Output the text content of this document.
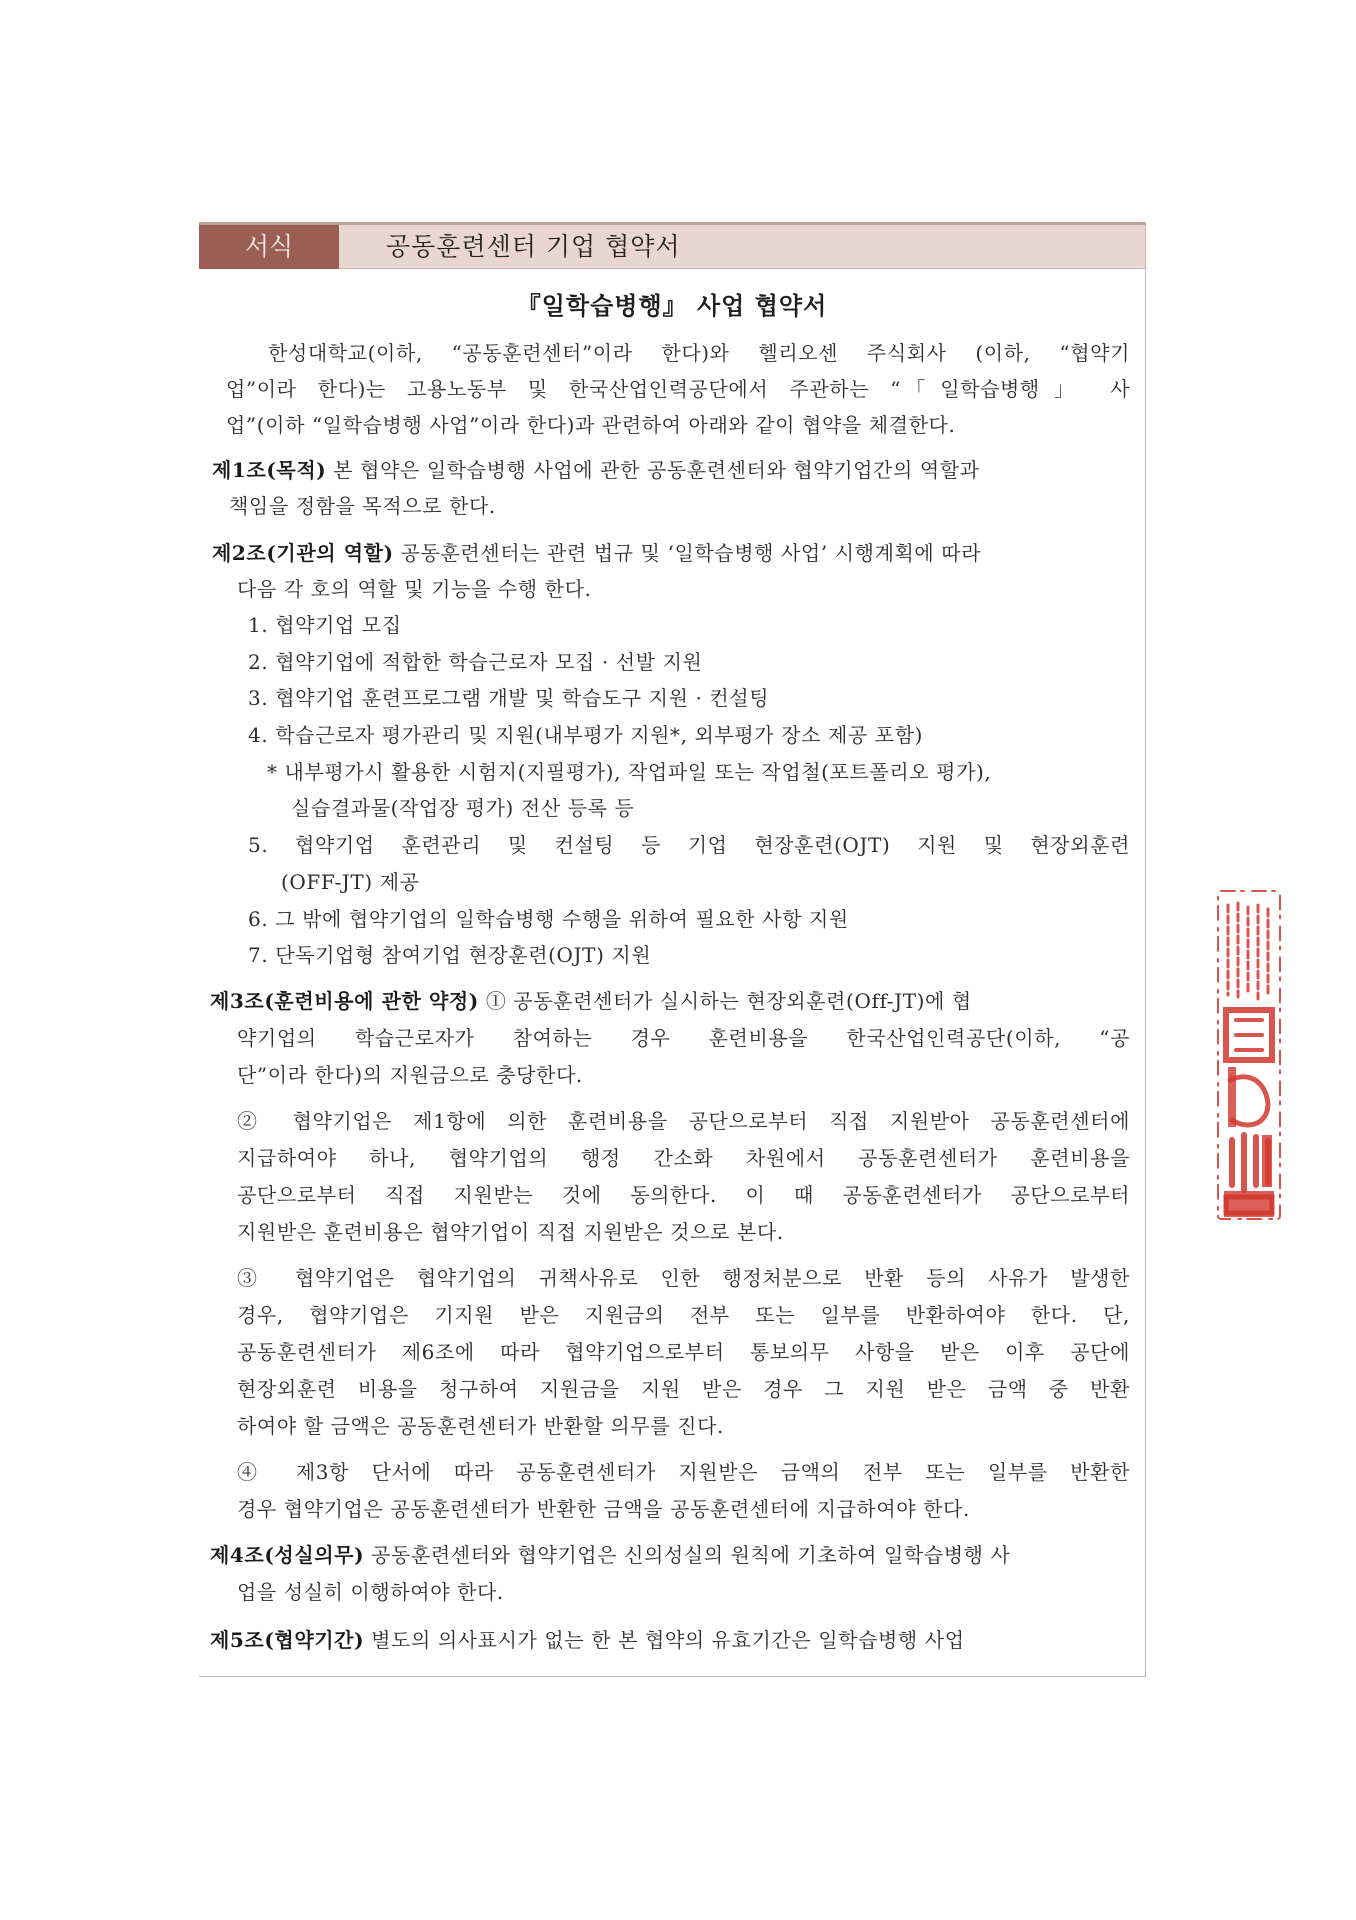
서식	공동훈련센터 기업 협약서
『일학습병행』 사업 협약서
한성대학교(이하, “공동훈련센터”이라 한다)와 헬리오센 주식회사 (이하, “협약기
업”이라 한다)는 고용노동부 및 한국산업인력공단에서 주관하는 “「일학습병행」 사
업”(이하 “일학습병행 사업”이라 한다)과 관련하여 아래와 같이 협약을 체결한다.
제1조(목적) 본 협약은 일학습병행 사업에 관한 공동훈련센터와 협약기업간의 역할과
책임을 정함을 목적으로 한다.
제2조(기관의 역할) 공동훈련센터는 관련 법규 및 ‘일학습병행 사업’ 시행계획에 따라
다음 각 호의 역할 및 기능을 수행 한다.
1. 협약기업 모집
2. 협약기업에 적합한 학습근로자 모집 · 선발 지원
3. 협약기업 훈련프로그램 개발 및 학습도구 지원 · 컨설팅
4. 학습근로자 평가관리 및 지원(내부평가 지원*, 외부평가 장소 제공 포함)
* 내부평가시 활용한 시험지(지필평가), 작업파일 또는 작업철(포트폴리오 평가),
실습결과물(작업장 평가) 전산 등록 등
5. 협약기업 훈련관리 및 컨설팅 등 기업 현장훈련(OJT) 지원 및 현장외훈련
(OFF-JT) 제공
6. 그 밖에 협약기업의 일학습병행 수행을 위하여 필요한 사항 지원
7. 단독기업형 참여기업 현장훈련(OJT) 지원
제3조(훈련비용에 관한 약정) ① 공동훈련센터가 실시하는 현장외훈련(Off-JT)에 협
약기업의 학습근로자가 참여하는 경우 훈련비용을 한국산업인력공단(이하, “공
단”이라 한다)의 지원금으로 충당한다.
② 협약기업은 제1항에 의한 훈련비용을 공단으로부터 직접 지원받아 공동훈련센터에
지급하여야 하나, 협약기업의 행정 간소화 차원에서 공동훈련센터가 훈련비용을
공단으로부터 직접 지원받는 것에 동의한다. 이 때 공동훈련센터가 공단으로부터
지원받은 훈련비용은 협약기업이 직접 지원받은 것으로 본다.
③ 협약기업은 협약기업의 귀책사유로 인한 행정처분으로 반환 등의 사유가 발생한
경우, 협약기업은 기지원 받은 지원금의 전부 또는 일부를 반환하여야 한다. 단,
공동훈련센터가 제6조에 따라 협약기업으로부터 통보의무 사항을 받은 이후 공단에
현장외훈련 비용을 청구하여 지원금을 지원 받은 경우 그 지원 받은 금액 중 반환
하여야 할 금액은 공동훈련센터가 반환할 의무를 진다.
④ 제3항 단서에 따라 공동훈련센터가 지원받은 금액의 전부 또는 일부를 반환한
경우 협약기업은 공동훈련센터가 반환한 금액을 공동훈련센터에 지급하여야 한다.
제4조(성실의무) 공동훈련센터와 협약기업은 신의성실의 원칙에 기초하여 일학습병행 사
업을 성실히 이행하여야 한다.
제5조(협약기간) 별도의 의사표시가 없는 한 본 협약의 유효기간은 일학습병행 사업
